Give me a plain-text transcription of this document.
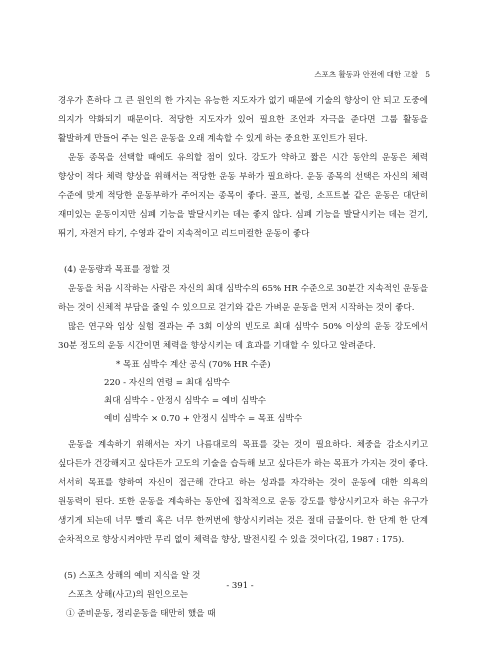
스포츠 활동과 안전에 대한 고찰 5

경우가 흔하다 그 큰 원인의 한 가지는 유능한 지도자가 없기 때문에 기술의 향상이 안 되고 도중에 의지가 약화되기 때문이다. 적당한 지도자가 있어 필요한 조언과 자극을 준다면 그룹 활동을 활발하게 만들어 주는 일은 운동을 오래 계속할 수 있게 하는 중요한 포인트가 된다.

운동 종목을 선택할 때에도 유의할 점이 있다. 강도가 약하고 짧은 시간 동안의 운동은 체력 향상이 적다 체력 향상을 위해서는 적당한 운동 부하가 필요하다. 운동 종목의 선택은 자신의 체력 수준에 맞게 적당한 운동부하가 주어지는 종목이 좋다. 골프, 볼링, 소프트볼 같은 운동은 대단히 재미있는 운동이지만 심폐 기능을 발달시키는 데는 좋지 않다. 심폐 기능을 발달시키는 데는 걷기, 뛰기, 자전거 타기, 수영과 같이 지속적이고 리드미컬한 운동이 좋다

(4) 운동량과 목표를 정할 것

운동을 처음 시작하는 사람은 자신의 최대 심박수의 65% HR 수준으로 30분간 지속적인 운동을 하는 것이 신체적 부담을 줄일 수 있으므로 걷기와 같은 가벼운 운동을 먼저 시작하는 것이 좋다.

많은 연구와 임상 실험 결과는 주 3회 이상의 빈도로 최대 심박수 50% 이상의 운동 강도에서 30분 정도의 운동 시간이면 체력을 향상시키는 데 효과를 기대할 수 있다고 알려준다.

* 목표 심박수 계산 공식 (70% HR 수준)
220 - 자신의 연령 = 최대 심박수
최대 심박수 - 안정시 심박수 = 예비 심박수
예비 심박수 × 0.70 + 안정시 심박수 = 목표 심박수

운동을 계속하기 위해서는 자기 나름대로의 목표를 갖는 것이 필요하다. 체중을 감소시키고 싶다든가 건강해지고 싶다든가 고도의 기술을 습득해 보고 싶다든가 하는 목표가 가지는 것이 좋다. 서서히 목표를 향하여 자신이 접근해 간다고 하는 성과를 자각하는 것이 운동에 대한 의욕의 원동력이 된다. 또한 운동을 계속하는 동안에 집착적으로 운동 강도를 향상시키고자 하는 유구가 생기게 되는데 너무 빨리 혹은 너무 한꺼번에 향상시키려는 것은 절대 금물이다. 한 단계 한 단계 순차적으로 향상시켜야만 무리 없이 체력을 향상, 발전시킬 수 있을 것이다(김, 1987 : 175).

(5) 스포츠 상해의 예비 지식을 알 것

스포츠 상해(사고)의 원인으로는

① 준비운동, 정리운동을 태만히 했을 때

- 391 -
